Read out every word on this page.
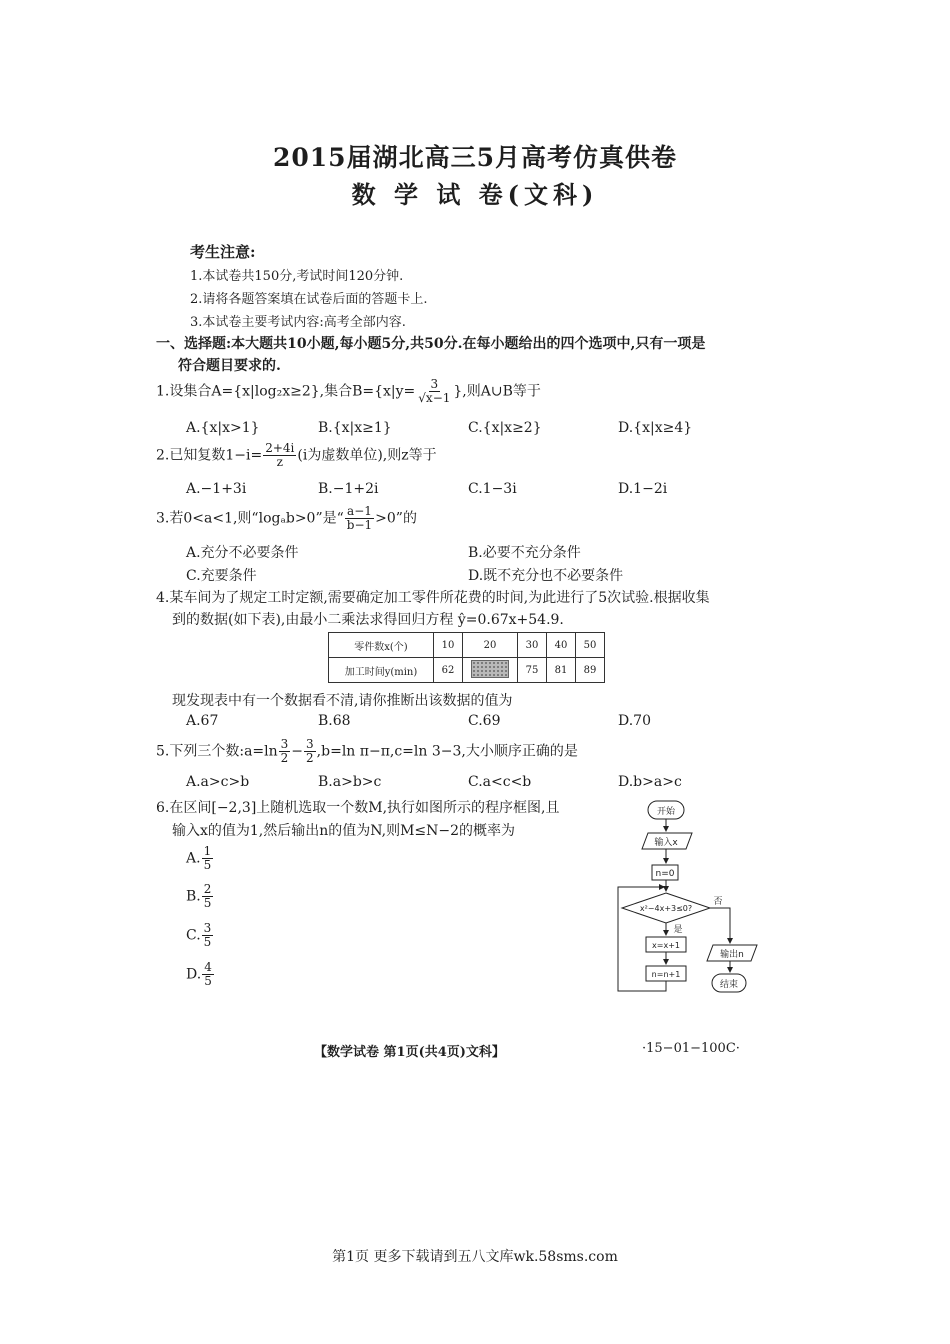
2015届湖北高三5月高考仿真供卷
数 学 试 卷(文科)
考生注意:
1.本试卷共150分,考试时间120分钟.
2.请将各题答案填在试卷后面的答题卡上.
3.本试卷主要考试内容:高考全部内容.
一、选择题:本大题共10小题,每小题5分,共50分.在每小题给出的四个选项中,只有一项是
符合题目要求的.
1.设集合A={x|log₂x≥2},集合$B=\{x|y= \frac{3}{√x-1}$ },则A∪B等于
A.{x|x>1}	B.{x|x≥1}	C.{x|x≥2}	D.{x|x≥4}
2.已知复数$1-i= \frac{2+4i}{z} (i$为虚数单位),则z等于
A.−1+3i	B.−1+2i	C.1−3i	D.1−2i
3.若0<a<1,则“logₐb>0”是“ $\frac{a-1}{b-1} >0$”的
A.充分不必要条件	B.必要不充分条件
C.充要条件	D.既不充分也不必要条件
4.某车间为了规定工时定额,需要确定加工零件所花费的时间,为此进行了5次试验.根据收集
到的数据(如下表),由最小二乘法求得回归方程 ŷ=0.67x+54.9.
零件数x(个)	10	20	30	40	50
加工时间y(min)	62		75	81	89
现发现表中有一个数据看不清,请你推断出该数据的值为
A.67	B.68	C.69	D.70
5.下列三个数:a=ln $\frac{3}{2} - \frac{3}{2} ,b=\ln$ π−π,c=ln 3−3,大小顺序正确的是
A.a>c>b	B.a>b>c	C.a<c<b	D.b>a>c
6.在区间[−2,3]上随机选取一个数M,执行如图所示的程序框图,且
输入x的值为1,然后输出n的值为N,则M≤N−2的概率为
A. $\frac{1}{5}$
B. $\frac{2}{5}$
C. $\frac{3}{5}$
D. $\frac{4}{5}$
开始
输入x
n=0
x²−4x+3≤0?
是
否
x=x+1
n=n+1
输出n
结束
【数学试卷 第1页(共4页)文科】	·15−01−100C·
第1页 更多下载请到五八文库wk.58sms.com
